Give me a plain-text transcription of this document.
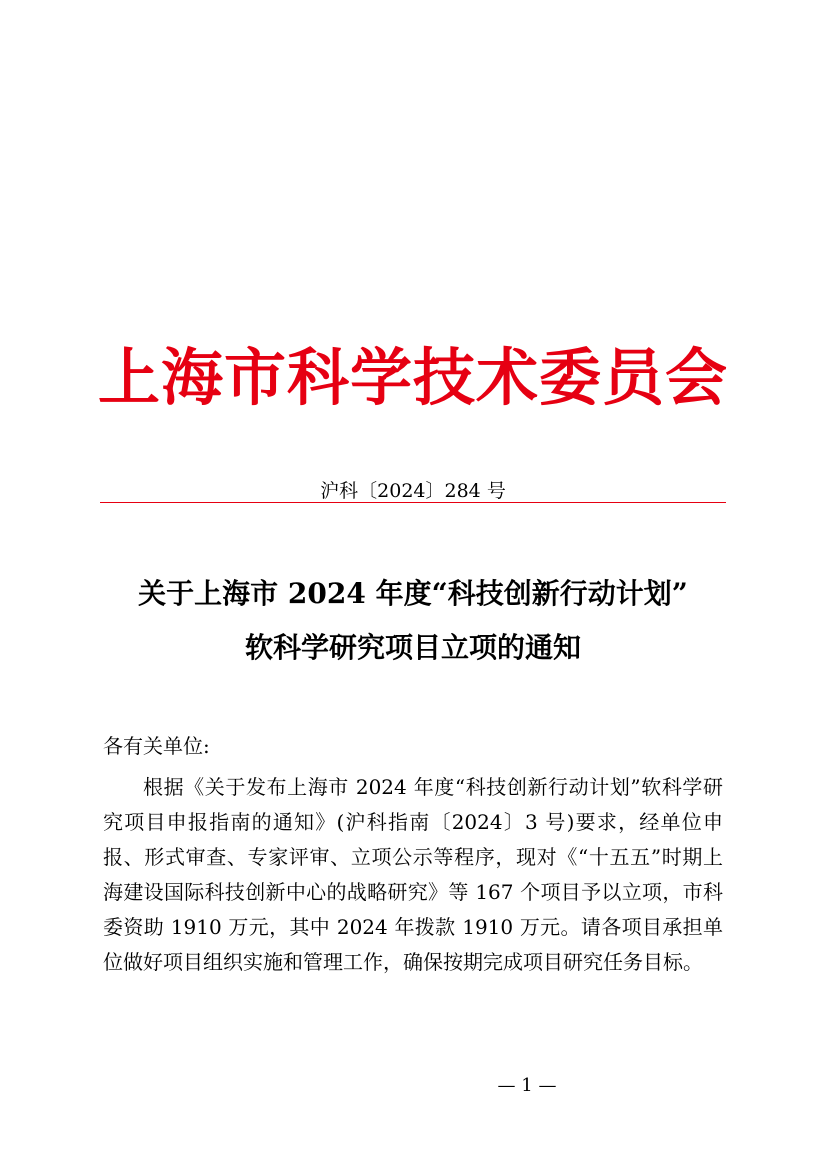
上海市科学技术委员会
沪科〔2024〕284 号
关于上海市 2024 年度“科技创新行动计划”
软科学研究项目立项的通知
各有关单位:

根据《关于发布上海市 2024 年度“科技创新行动计划”软科学研究项目申报指南的通知》(沪科指南〔2024〕3 号)要求，经单位申报、形式审查、专家评审、立项公示等程序，现对《“十五五”时期上海建设国际科技创新中心的战略研究》等 167 个项目予以立项，市科委资助 1910 万元，其中 2024 年拨款 1910 万元。请各项目承担单位做好项目组织实施和管理工作，确保按期完成项目研究任务目标。

— 1 —
